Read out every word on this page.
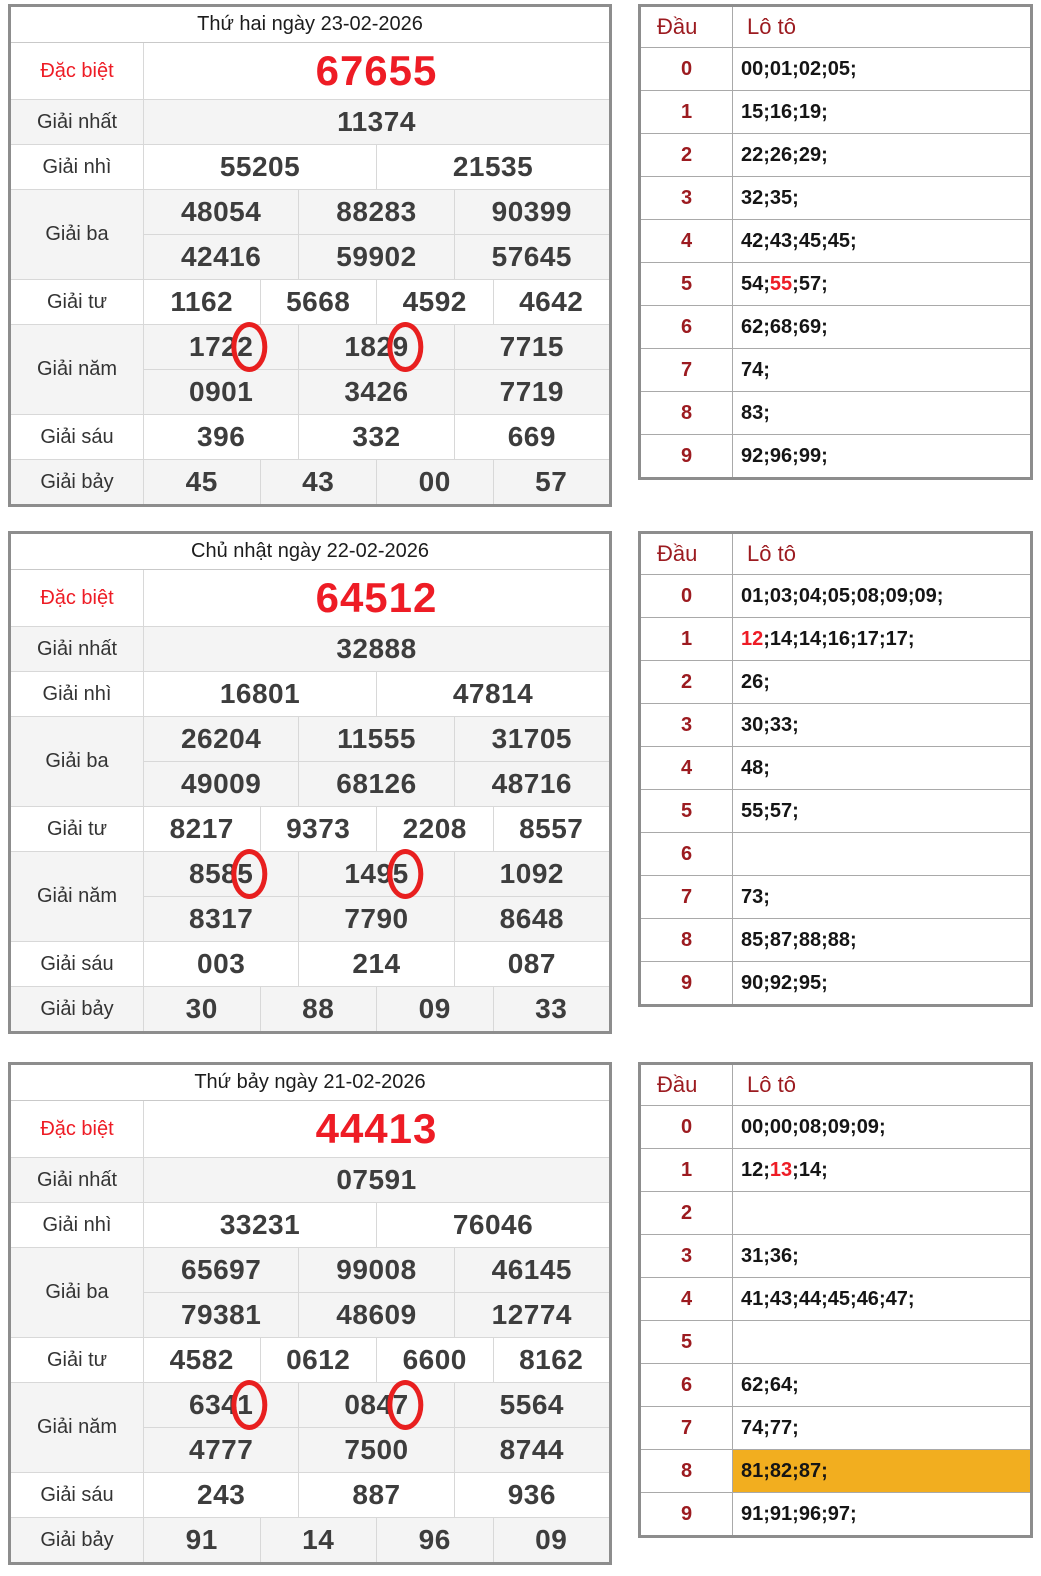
Thứ hai ngày 23-02-2026
Đặc biệt	67655
Giải nhất	11374
Giải nhì	55205	21535
Giải ba
48054	88283	90399
42416	59902	57645
Giải tư	1162	5668	4592	4642
Giải năm
172 2	182 9	7715
0901	3426	7719
Giải sáu	396	332	669
Giải bảy	45	43	00	57
Đầu	Lô tô
0	00 ; 01 ; 02 ; 05 ;
1	15 ; 16 ; 19 ;
2	22 ; 26 ; 29 ;
3	32 ; 35 ;
4	42 ; 43 ; 45 ; 45 ;
5	54 ; 55 ; 57 ;
6	62 ; 68 ; 69 ;
7	74 ;
8	83 ;
9	92 ; 96 ; 99 ;
Chủ nhật ngày 22-02-2026
Đặc biệt	64512
Giải nhất	32888
Giải nhì	16801	47814
Giải ba
26204	11555	31705
49009	68126	48716
Giải tư	8217	9373	2208	8557
Giải năm
858 5	149 5	1092
8317	7790	8648
Giải sáu	003	214	087
Giải bảy	30	88	09	33
Đầu	Lô tô
0	01 ; 03 ; 04 ; 05 ; 08 ; 09 ; 09 ;
1	12 ; 14 ; 14 ; 16 ; 17 ; 17 ;
2	26 ;
3	30 ; 33 ;
4	48 ;
5	55 ; 57 ;
6
7	73 ;
8	85 ; 87 ; 88 ; 88 ;
9	90 ; 92 ; 95 ;
Thứ bảy ngày 21-02-2026
Đặc biệt	44413
Giải nhất	07591
Giải nhì	33231	76046
Giải ba
65697	99008	46145
79381	48609	12774
Giải tư	4582	0612	6600	8162
Giải năm
634 1	084 7	5564
4777	7500	8744
Giải sáu	243	887	936
Giải bảy	91	14	96	09
Đầu	Lô tô
0	00 ; 00 ; 08 ; 09 ; 09 ;
1	12 ; 13 ; 14 ;
2
3	31 ; 36 ;
4	41 ; 43 ; 44 ; 45 ; 46 ; 47 ;
5
6	62 ; 64 ;
7	74 ; 77 ;
8	81 ; 82 ; 87 ;
9	91 ; 91 ; 96 ; 97 ;
